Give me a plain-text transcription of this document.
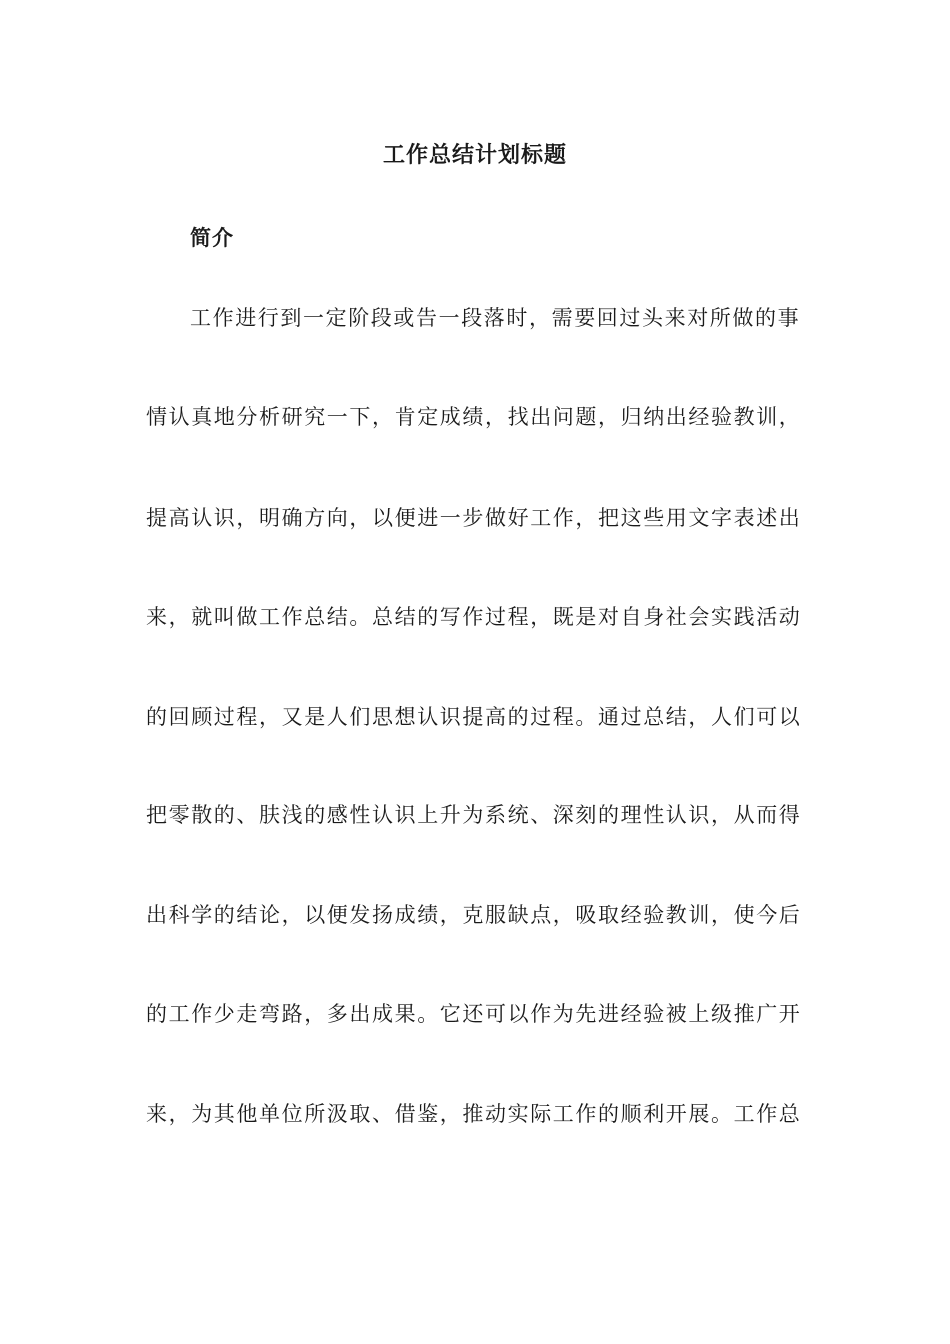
工作总结计划标题
简介
工作进行到一定阶段或告一段落时，需要回过头来对所做的事
情认真地分析研究一下，肯定成绩，找出问题，归纳出经验教训，
提高认识，明确方向，以便进一步做好工作，把这些用文字表述出
来，就叫做工作总结。总结的写作过程，既是对自身社会实践活动
的回顾过程，又是人们思想认识提高的过程。通过总结，人们可以
把零散的、肤浅的感性认识上升为系统、深刻的理性认识，从而得
出科学的结论，以便发扬成绩，克服缺点，吸取经验教训，使今后
的工作少走弯路，多出成果。它还可以作为先进经验被上级推广开
来，为其他单位所汲取、借鉴，推动实际工作的顺利开展。工作总
